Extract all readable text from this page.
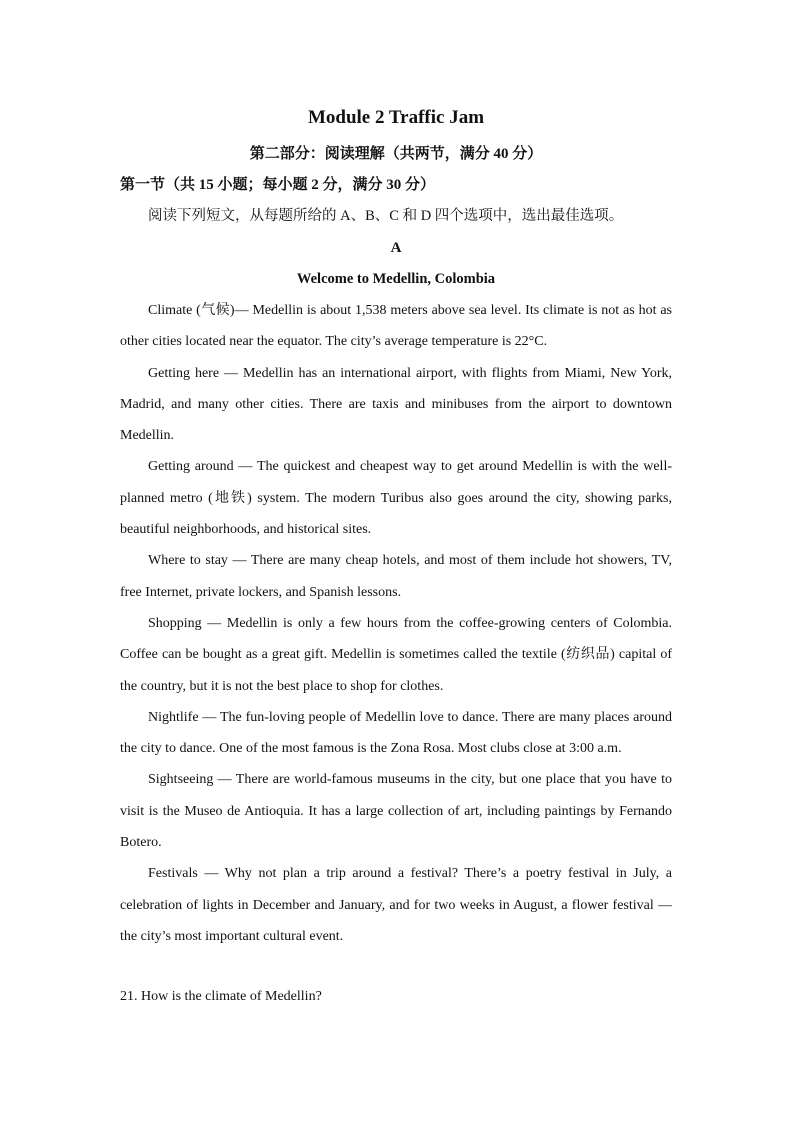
Module 2 Traffic Jam
第二部分：阅读理解（共两节，满分 40 分）
第一节（共 15 小题；每小题 2 分，满分 30 分）
阅读下列短文，从每题所给的 A、B、C 和 D 四个选项中，选出最佳选项。
A
Welcome to Medellin, Colombia

Climate (气候)— Medellin is about 1,538 meters above sea level. Its climate is not as hot as other cities located near the equator. The city’s average temperature is 22°C.

Getting here — Medellin has an international airport, with flights from Miami, New York, Madrid, and many other cities. There are taxis and minibuses from the airport to downtown Medellin.

Getting around — The quickest and cheapest way to get around Medellin is with the well-planned metro (地铁) system. The modern Turibus also goes around the city, showing parks, beautiful neighborhoods, and historical sites.

Where to stay — There are many cheap hotels, and most of them include hot showers, TV, free Internet, private lockers, and Spanish lessons.

Shopping — Medellin is only a few hours from the coffee-growing centers of Colombia. Coffee can be bought as a great gift. Medellin is sometimes called the textile (纺织品) capital of the country, but it is not the best place to shop for clothes.

Nightlife — The fun-loving people of Medellin love to dance. There are many places around the city to dance. One of the most famous is the Zona Rosa. Most clubs close at 3:00 a.m.

Sightseeing — There are world-famous museums in the city, but one place that you have to visit is the Museo de Antioquia. It has a large collection of art, including paintings by Fernando Botero.

Festivals — Why not plan a trip around a festival? There’s a poetry festival in July, a celebration of lights in December and January, and for two weeks in August, a flower festival — the city’s most important cultural event.

21. How is the climate of Medellin?
